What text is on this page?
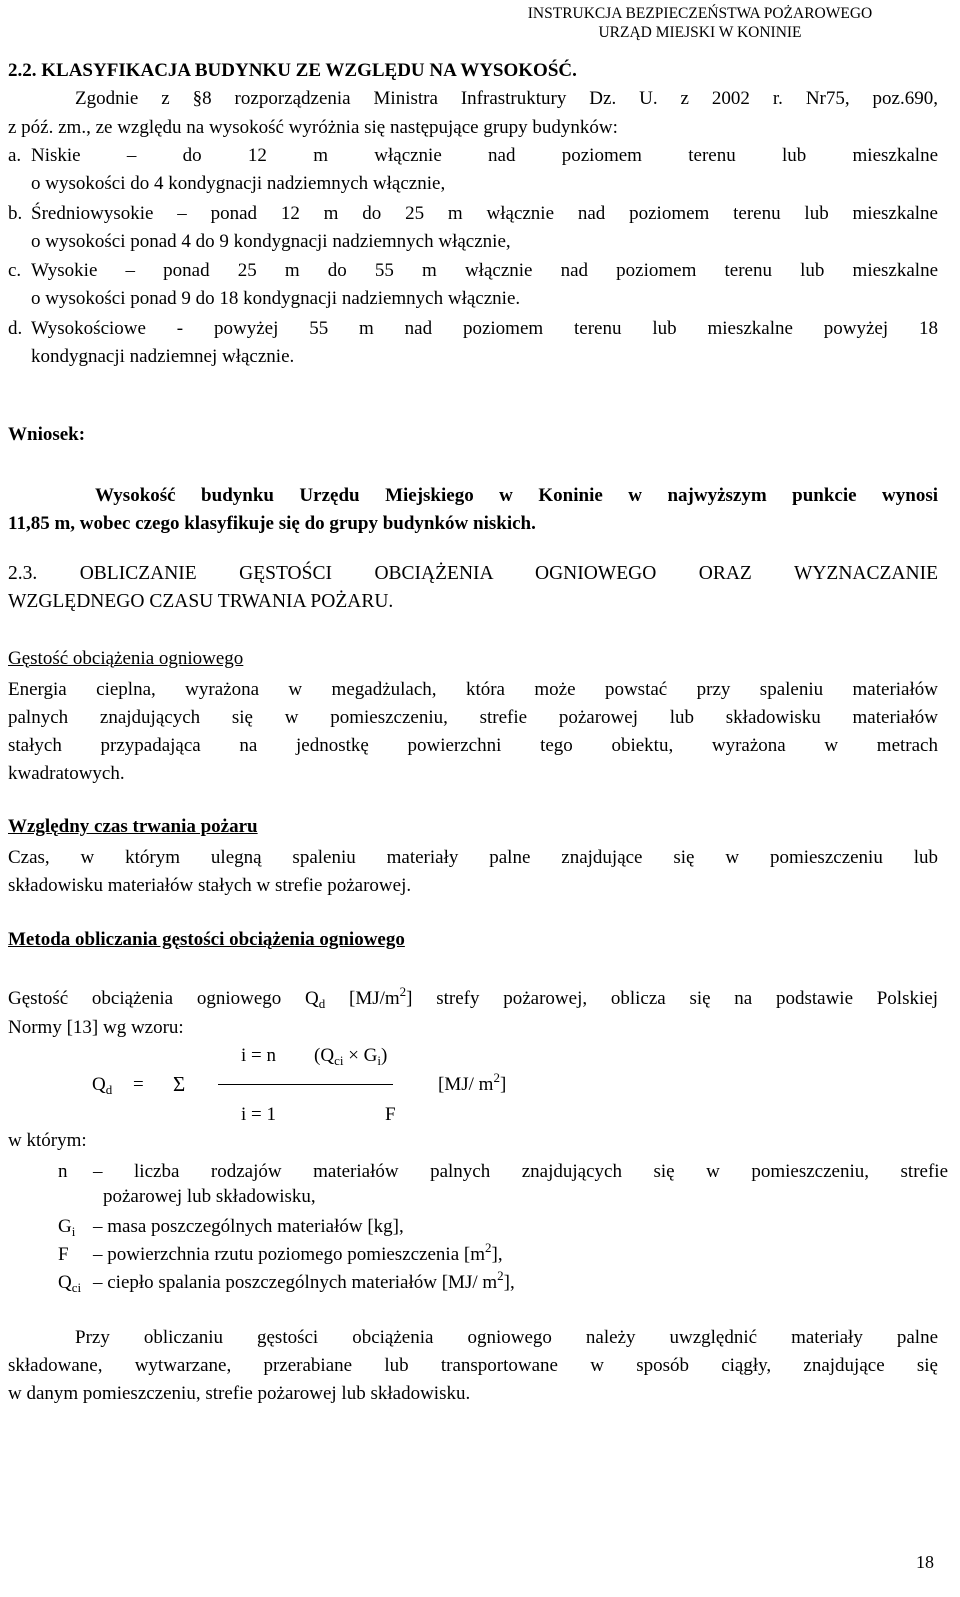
INSTRUKCJA BEZPIECZEŃSTWA POŻAROWEGO
URZĄD MIEJSKI W KONINIE
2.2. KLASYFIKACJA BUDYNKU ZE WZGLĘDU NA WYSOKOŚĆ.
Zgodnie z §8 rozporządzenia Ministra Infrastruktury Dz. U. z 2002 r. Nr75, poz.690,
z póź. zm., ze względu na wysokość wyróżnia się następujące grupy budynków:
a. Niskie – do 12 m włącznie nad poziomem terenu lub mieszkalne
o wysokości do 4 kondygnacji nadziemnych włącznie,
b. Średniowysokie – ponad 12 m do 25 m włącznie nad poziomem terenu lub mieszkalne
o wysokości ponad 4 do 9 kondygnacji nadziemnych włącznie,
c. Wysokie – ponad 25 m do 55 m włącznie nad poziomem terenu lub mieszkalne
o wysokości ponad 9 do 18 kondygnacji nadziemnych włącznie.
d. Wysokościowe - powyżej 55 m nad poziomem terenu lub mieszkalne powyżej 18
kondygnacji nadziemnej włącznie.
Wniosek:
Wysokość budynku Urzędu Miejskiego w Koninie w najwyższym punkcie wynosi
11,85 m, wobec czego klasyfikuje się do grupy budynków niskich.
2.3. OBLICZANIE GĘSTOŚCI OBCIĄŻENIA OGNIOWEGO ORAZ WYZNACZANIE
WZGLĘDNEGO CZASU TRWANIA POŻARU.
Gęstość obciążenia ogniowego
Energia cieplna, wyrażona w megadżulach, która może powstać przy spaleniu materiałów
palnych znajdujących się w pomieszczeniu, strefie pożarowej lub składowisku materiałów
stałych przypadająca na jednostkę powierzchni tego obiektu, wyrażona w metrach
kwadratowych.
Względny czas trwania pożaru
Czas, w którym ulegną spaleniu materiały palne znajdujące się w pomieszczeniu lub
składowisku materiałów stałych w strefie pożarowej.
Metoda obliczania gęstości obciążenia ogniowego
Gęstość obciążenia ogniowego $Q_d$ $[MJ/m^2]$ strefy pożarowej, oblicza się na podstawie Polskiej
Normy [13] wg wzoru:
i = n $(Q_{ci} \times G_i)$
$Q_d = \Sigma$	[MJ/ $m^2$]
i = 1	F
w którym:
n – liczba rodzajów materiałów palnych znajdujących się w pomieszczeniu, strefie
pożarowej lub składowisku,
$G_i$ – masa poszczególnych materiałów [kg],
F – powierzchnia rzutu poziomego pomieszczenia $[m^2]$,
$Q_{ci}$ – ciepło spalania poszczególnych materiałów [MJ/ $m^2$],
Przy obliczaniu gęstości obciążenia ogniowego należy uwzględnić materiały palne
składowane, wytwarzane, przerabiane lub transportowane w sposób ciągły, znajdujące się
w danym pomieszczeniu, strefie pożarowej lub składowisku.
18
